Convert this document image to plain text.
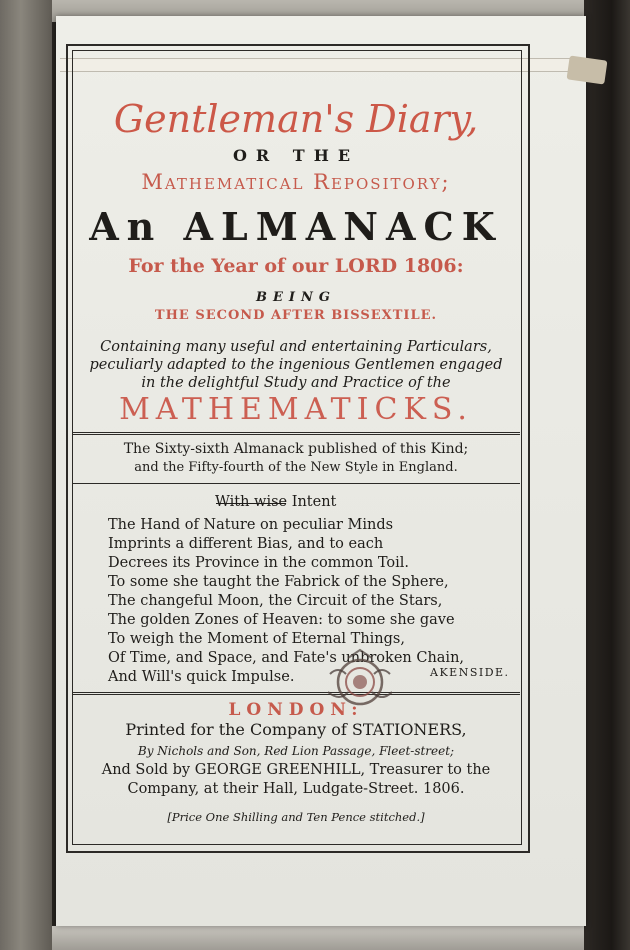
Gentleman's Diary,
OR THE
Mathematical Repository;
An ALMANACK
For the Year of our LORD 1806:
BEING
THE SECOND AFTER BISSEXTILE.
Containing many useful and entertaining Particulars,
peculiarly adapted to the ingenious Gentlemen engaged
in the delightful Study and Practice of the
MATHEMATICKS.
The Sixty-sixth Almanack published of this Kind;
and the Fifty-fourth of the New Style in England.
With wise Intent
The Hand of Nature on peculiar Minds
Imprints a different Bias, and to each
Decrees its Province in the common Toil.
To some she taught the Fabrick of the Sphere,
The changeful Moon, the Circuit of the Stars,
The golden Zones of Heaven: to some she gave
To weigh the Moment of Eternal Things,
Of Time, and Space, and Fate's unbroken Chain,
And Will's quick Impulse.	AKENSIDE.
LONDON:
Printed for the Company of STATIONERS,
By Nichols and Son, Red Lion Passage, Fleet-street;
And Sold by GEORGE GREENHILL, Treasurer to the
Company, at their Hall, Ludgate-Street. 1806.
[Price One Shilling and Ten Pence stitched.]
